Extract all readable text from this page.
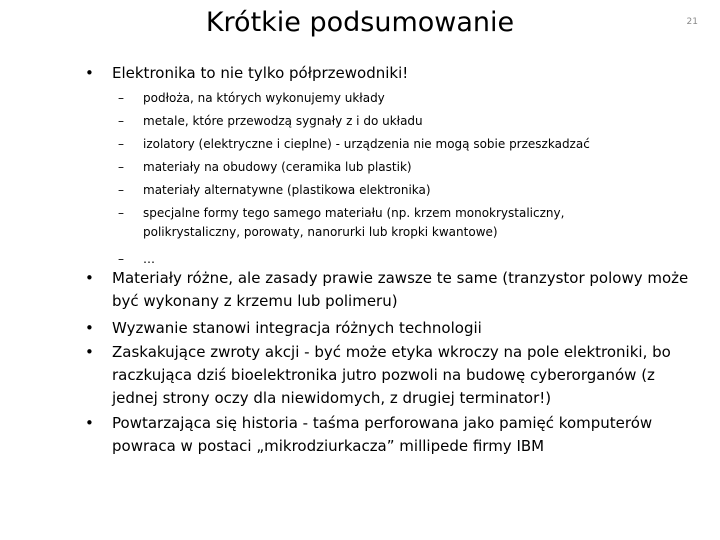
Krótkie podsumowanie	21
• Elektronika to nie tylko półprzewodniki!
– podłoża, na których wykonujemy układy
– metale, które przewodzą sygnały z i do układu
– izolatory (elektryczne i cieplne) - urządzenia nie mogą sobie przeszkadzać
– materiały na obudowy (ceramika lub plastik)
– materiały alternatywne (plastikowa elektronika)
– specjalne formy tego samego materiału (np. krzem monokrystaliczny, polikrystaliczny, porowaty, nanorurki lub kropki kwantowe)
– …
• Materiały różne, ale zasady prawie zawsze te same (tranzystor polowy może być wykonany z krzemu lub polimeru)
• Wyzwanie stanowi integracja różnych technologii
• Zaskakujące zwroty akcji - być może etyka wkroczy na pole elektroniki, bo raczkująca dziś bioelektronika jutro pozwoli na budowę cyberorganów (z jednej strony oczy dla niewidomych, z drugiej terminator!)
• Powtarzająca się historia - taśma perforowana jako pamięć komputerów powraca w postaci „mikrodziurkacza” millipede firmy IBM
